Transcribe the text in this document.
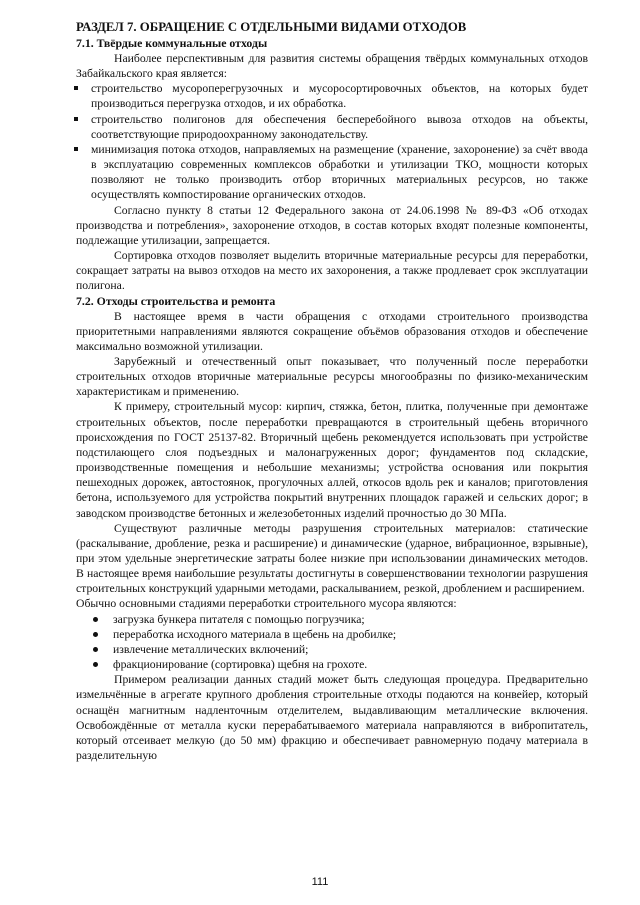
РАЗДЕЛ 7. ОБРАЩЕНИЕ С ОТДЕЛЬНЫМИ ВИДАМИ ОТХОДОВ
7.1. Твёрдые коммунальные отходы

Наиболее перспективным для развития системы обращения твёрдых коммунальных отходов Забайкальского края является:

строительство мусороперегрузочных и мусоросортировочных объектов, на которых будет производиться перегрузка отходов, и их обработка.
строительство полигонов для обеспечения бесперебойного вывоза отходов на объекты, соответствующие природоохранному законодательству.
минимизация потока отходов, направляемых на размещение (хранение, захоронение) за счёт ввода в эксплуатацию современных комплексов обработки и утилизации ТКО, мощности которых позволяют не только производить отбор вторичных материальных ресурсов, но также осуществлять компостирование органических отходов.

Согласно пункту 8 статьи 12 Федерального закона от 24.06.1998 № 89-ФЗ «Об отходах производства и потребления», захоронение отходов, в состав которых входят полезные компоненты, подлежащие утилизации, запрещается.

Сортировка отходов позволяет выделить вторичные материальные ресурсы для переработки, сокращает затраты на вывоз отходов на место их захоронения, а также продлевает срок эксплуатации полигона.

7.2. Отходы строительства и ремонта

В настоящее время в части обращения с отходами строительного производства приоритетными направлениями являются сокращение объёмов образования отходов и обеспечение максимально возможной утилизации.

Зарубежный и отечественный опыт показывает, что полученный после переработки строительных отходов вторичные материальные ресурсы многообразны по физико-механическим характеристикам и применению.

К примеру, строительный мусор: кирпич, стяжка, бетон, плитка, полученные при демонтаже строительных объектов, после переработки превращаются в строительный щебень вторичного происхождения по ГОСТ 25137-82. Вторичный щебень рекомендуется использовать при устройстве подстилающего слоя подъездных и малонагруженных дорог; фундаментов под складские, производственные помещения и небольшие механизмы; устройства основания или покрытия пешеходных дорожек, автостоянок, прогулочных аллей, откосов вдоль рек и каналов; приготовления бетона, используемого для устройства покрытий внутренних площадок гаражей и сельских дорог; в заводском производстве бетонных и железобетонных изделий прочностью до 30 МПа.

Существуют различные методы разрушения строительных материалов: статические (раскалывание, дробление, резка и расширение) и динамические (ударное, вибрационное, взрывные), при этом удельные энергетические затраты более низкие при использовании динамических методов. В настоящее время наибольшие результаты достигнуты в совершенствовании технологии разрушения строительных конструкций ударными методами, раскалыванием, резкой, дроблением и расширением.

Обычно основными стадиями переработки строительного мусора являются:

загрузка бункера питателя с помощью погрузчика;
переработка исходного материала в щебень на дробилке;
извлечение металлических включений;
фракционирование (сортировка) щебня на грохоте.

Примером реализации данных стадий может быть следующая процедура. Предварительно измельчённые в агрегате крупного дробления строительные отходы подаются на конвейер, который оснащён магнитным надленточным отделителем, выдавливающим металлические включения. Освобождённые от металла куски перерабатываемого материала направляются в вибропитатель, который отсеивает мелкую (до 50 мм) фракцию и обеспечивает равномерную подачу материала в разделительную

111
